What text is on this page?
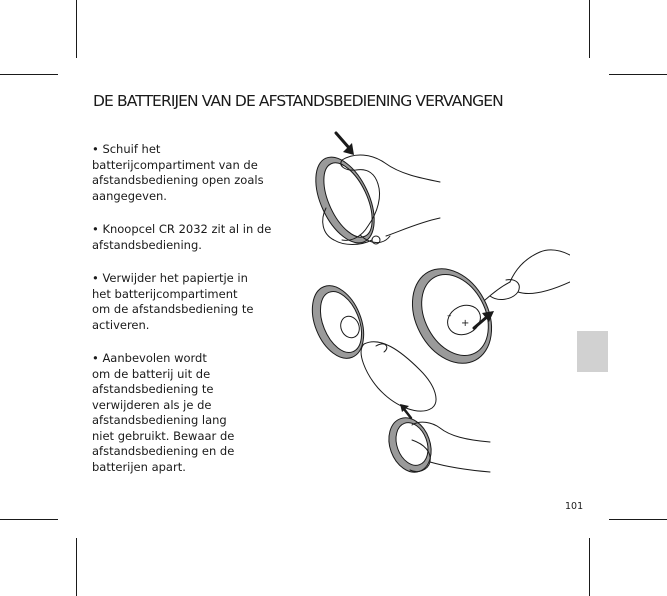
DE BATTERIJEN VAN DE AFSTANDSBEDIENING VERVANGEN

• Schuif het
batterijcompartiment van de
afstandsbediening open zoals
aangegeven.

• Knoopcel CR 2032 zit al in de
afstandsbediening.

• Verwijder het papiertje in
het batterijcompartiment
om de afstandsbediening te
activeren.

• Aanbevolen wordt
om de batterij uit de
afstandsbediening te
verwijderen als je de
afstandsbediening lang
niet gebruikt. Bewaar de
afstandsbediening en de
batterijen apart.

–
+
101
